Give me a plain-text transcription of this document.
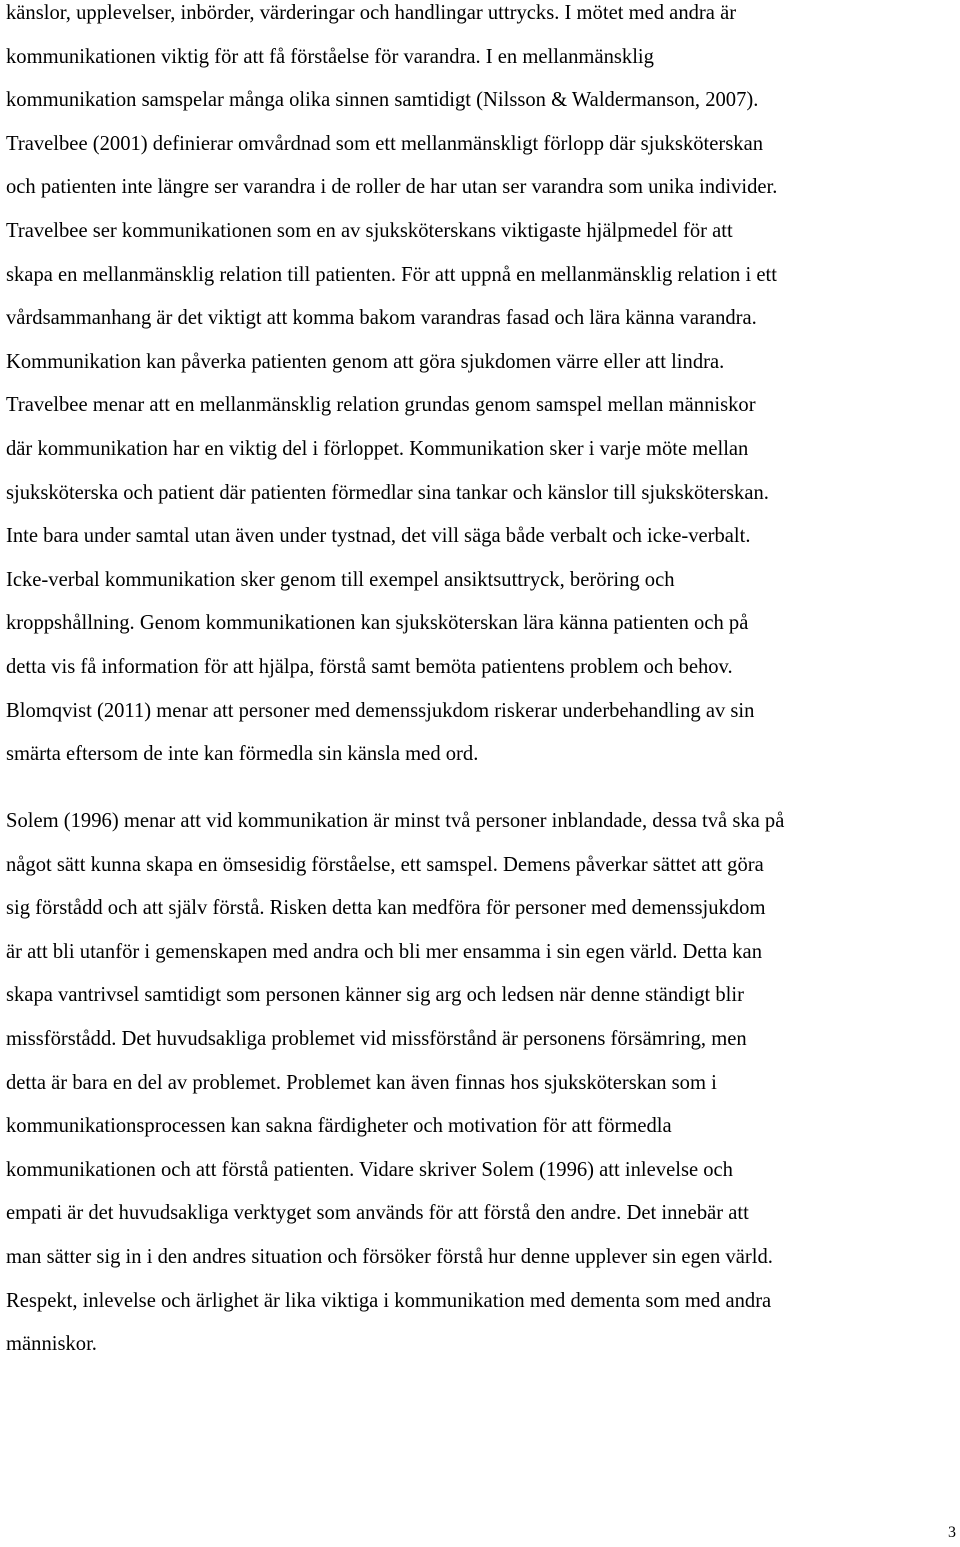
känslor, upplevelser, inbörder, värderingar och handlingar uttrycks. I mötet med andra är
kommunikationen viktig för att få förståelse för varandra. I en mellanmänsklig
kommunikation samspelar många olika sinnen samtidigt (Nilsson & Waldermanson, 2007).
Travelbee (2001) definierar omvårdnad som ett mellanmänskligt förlopp där sjuksköterskan
och patienten inte längre ser varandra i de roller de har utan ser varandra som unika individer.
Travelbee ser kommunikationen som en av sjuksköterskans viktigaste hjälpmedel för att
skapa en mellanmänsklig relation till patienten. För att uppnå en mellanmänsklig relation i ett
vårdsammanhang är det viktigt att komma bakom varandras fasad och lära känna varandra.
Kommunikation kan påverka patienten genom att göra sjukdomen värre eller att lindra.
Travelbee menar att en mellanmänsklig relation grundas genom samspel mellan människor
där kommunikation har en viktig del i förloppet. Kommunikation sker i varje möte mellan
sjuksköterska och patient där patienten förmedlar sina tankar och känslor till sjuksköterskan.
Inte bara under samtal utan även under tystnad, det vill säga både verbalt och icke-verbalt.
Icke-verbal kommunikation sker genom till exempel ansiktsuttryck, beröring och
kroppshållning. Genom kommunikationen kan sjuksköterskan lära känna patienten och på
detta vis få information för att hjälpa, förstå samt bemöta patientens problem och behov.
Blomqvist (2011) menar att personer med demenssjukdom riskerar underbehandling av sin
smärta eftersom de inte kan förmedla sin känsla med ord.
Solem (1996) menar att vid kommunikation är minst två personer inblandade, dessa två ska på
något sätt kunna skapa en ömsesidig förståelse, ett samspel. Demens påverkar sättet att göra
sig förstådd och att själv förstå. Risken detta kan medföra för personer med demenssjukdom
är att bli utanför i gemenskapen med andra och bli mer ensamma i sin egen värld. Detta kan
skapa vantrivsel samtidigt som personen känner sig arg och ledsen när denne ständigt blir
missförstådd. Det huvudsakliga problemet vid missförstånd är personens försämring, men
detta är bara en del av problemet. Problemet kan även finnas hos sjuksköterskan som i
kommunikationsprocessen kan sakna färdigheter och motivation för att förmedla
kommunikationen och att förstå patienten. Vidare skriver Solem (1996) att inlevelse och
empati är det huvudsakliga verktyget som används för att förstå den andre. Det innebär att
man sätter sig in i den andres situation och försöker förstå hur denne upplever sin egen värld.
Respekt, inlevelse och ärlighet är lika viktiga i kommunikation med dementa som med andra
människor.
3
